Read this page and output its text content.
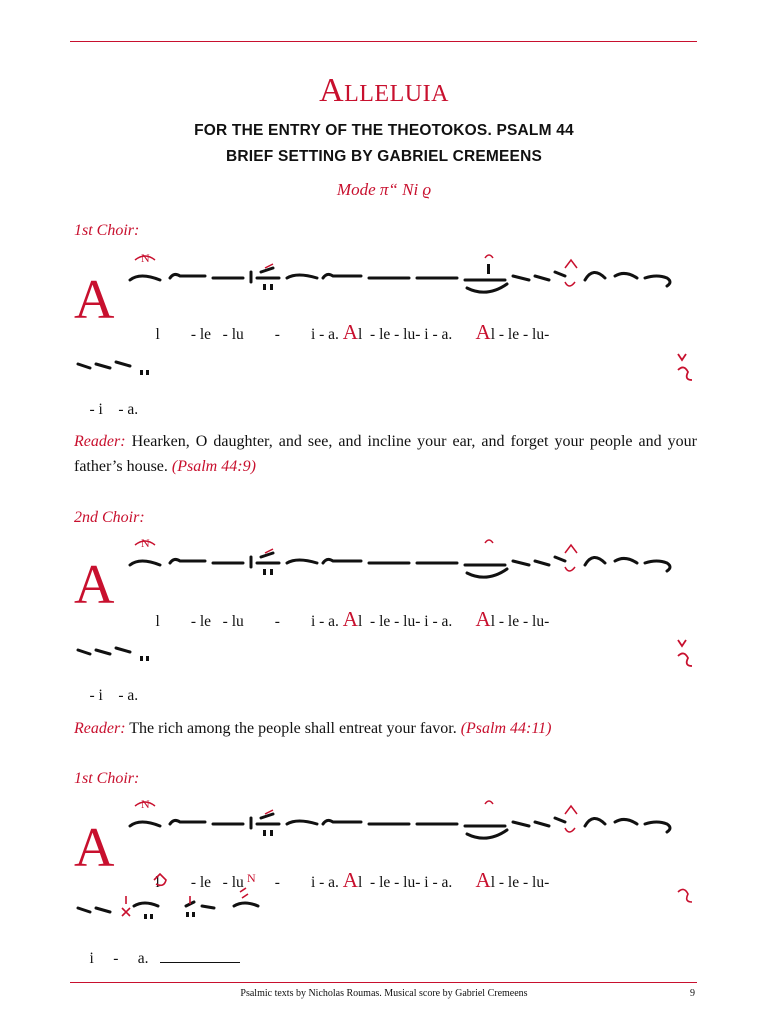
Alleluia
FOR THE ENTRY OF THE THEOTOKOS. PSALM 44
BRIEF SETTING BY GABRIEL CREMEENS
Mode π“ Ni ϱ
1st Choir:
N
A

l - le - lu - i - a. Al - le - lu- i - a. Al - le - lu-

- i - a.

Reader: Hearken, O daughter, and see, and incline your ear, and forget your people and your father’s house. (Psalm 44:9)
2nd Choir:
N
A

l - le - lu - i - a. Al - le - lu- i - a. Al - le - lu-

- i - a.

Reader: The rich among the people shall entreat your favor. (Psalm 44:11)
1st Choir:
N
A

l - le - lu - i - a. Al - le - lu- i - a. Al - le - lu-

N

i - a.

Psalmic texts by Nicholas Roumas. Musical score by Gabriel Cremeens	9
